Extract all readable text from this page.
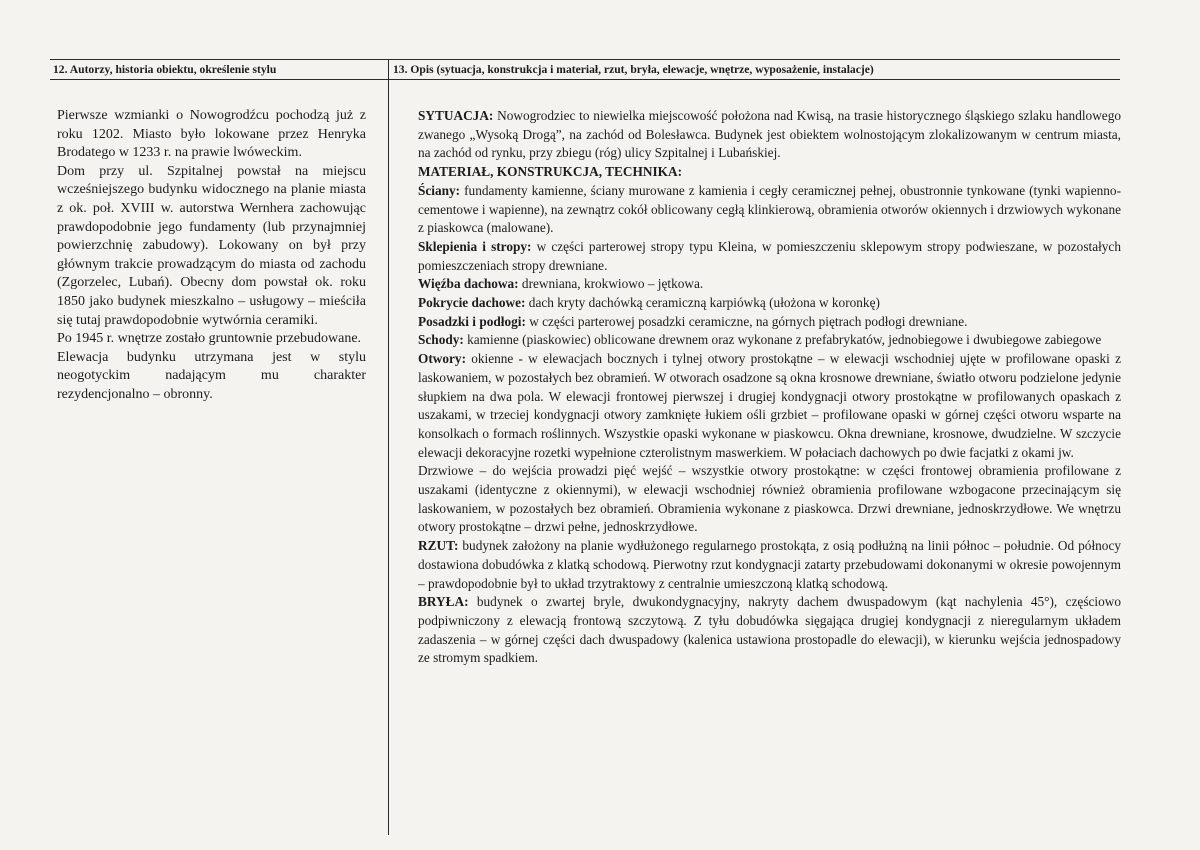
12. Autorzy, historia obiektu, określenie stylu	13. Opis (sytuacja, konstrukcja i materiał, rzut, bryła, elewacje, wnętrze, wyposażenie, instalacje)

Pierwsze wzmianki o Nowogrodźcu pochodzą już z roku 1202. Miasto było lokowane przez Henryka Brodatego w 1233 r. na prawie lwóweckim.

Dom przy ul. Szpitalnej powstał na miejscu wcześniejszego budynku widocznego na planie miasta z ok. poł. XVIII w. autorstwa Wernhera zachowując prawdopodobnie jego fundamenty (lub przynajmniej powierzchnię zabudowy). Lokowany on był przy głównym trakcie prowadzącym do miasta od zachodu (Zgorzelec, Lubań). Obecny dom powstał ok. roku 1850 jako budynek mieszkalno – usługowy – mieściła się tutaj prawdopodobnie wytwórnia ceramiki.

Po 1945 r. wnętrze zostało gruntownie przebudowane.

Elewacja budynku utrzymana jest w stylu neogotyckim nadającym mu charakter rezydencjonalno – obronny.

SYTUACJA: Nowogrodziec to niewielka miejscowość położona nad Kwisą, na trasie historycznego śląskiego szlaku handlowego zwanego „Wysoką Drogą”, na zachód od Bolesławca. Budynek jest obiektem wolnostojącym zlokalizowanym w centrum miasta, na zachód od rynku, przy zbiegu (róg) ulicy Szpitalnej i Lubańskiej.

MATERIAŁ, KONSTRUKCJA, TECHNIKA:

Ściany: fundamenty kamienne, ściany murowane z kamienia i cegły ceramicznej pełnej, obustronnie tynkowane (tynki wapienno-cementowe i wapienne), na zewnątrz cokół oblicowany cegłą klinkierową, obramienia otworów okiennych i drzwiowych wykonane z piaskowca (malowane).

Sklepienia i stropy: w części parterowej stropy typu Kleina, w pomieszczeniu sklepowym stropy podwieszane, w pozostałych pomieszczeniach stropy drewniane.

Więźba dachowa: drewniana, krokwiowo – jętkowa.

Pokrycie dachowe: dach kryty dachówką ceramiczną karpiówką (ułożona w koronkę)

Posadzki i podłogi: w części parterowej posadzki ceramiczne, na górnych piętrach podłogi drewniane.

Schody: kamienne (piaskowiec) oblicowane drewnem oraz wykonane z prefabrykatów, jednobiegowe i dwubiegowe zabiegowe

Otwory: okienne - w elewacjach bocznych i tylnej otwory prostokątne – w elewacji wschodniej ujęte w profilowane opaski z laskowaniem, w pozostałych bez obramień. W otworach osadzone są okna krosnowe drewniane, światło otworu podzielone jedynie słupkiem na dwa pola. W elewacji frontowej pierwszej i drugiej kondygnacji otwory prostokątne w profilowanych opaskach z uszakami, w trzeciej kondygnacji otwory zamknięte łukiem ośli grzbiet – profilowane opaski w górnej części otworu wsparte na konsolkach o formach roślinnych. Wszystkie opaski wykonane w piaskowcu. Okna drewniane, krosnowe, dwudzielne. W szczycie elewacji dekoracyjne rozetki wypełnione czterolistnym maswerkiem. W połaciach dachowych po dwie facjatki z okami jw.

Drzwiowe – do wejścia prowadzi pięć wejść – wszystkie otwory prostokątne: w części frontowej obramienia profilowane z uszakami (identyczne z okiennymi), w elewacji wschodniej również obramienia profilowane wzbogacone przecinającym się laskowaniem, w pozostałych bez obramień. Obramienia wykonane z piaskowca. Drzwi drewniane, jednoskrzydłowe. We wnętrzu otwory prostokątne – drzwi pełne, jednoskrzydłowe.

RZUT: budynek założony na planie wydłużonego regularnego prostokąta, z osią podłużną na linii północ – południe. Od północy dostawiona dobudówka z klatką schodową. Pierwotny rzut kondygnacji zatarty przebudowami dokonanymi w okresie powojennym – prawdopodobnie był to układ trzytraktowy z centralnie umieszczoną klatką schodową.

BRYŁA: budynek o zwartej bryle, dwukondygnacyjny, nakryty dachem dwuspadowym (kąt nachylenia 45°), częściowo podpiwniczony z elewacją frontową szczytową. Z tyłu dobudówka sięgająca drugiej kondygnacji z nieregularnym układem zadaszenia – w górnej części dach dwuspadowy (kalenica ustawiona prostopadle do elewacji), w kierunku wejścia jednospadowy ze stromym spadkiem.
